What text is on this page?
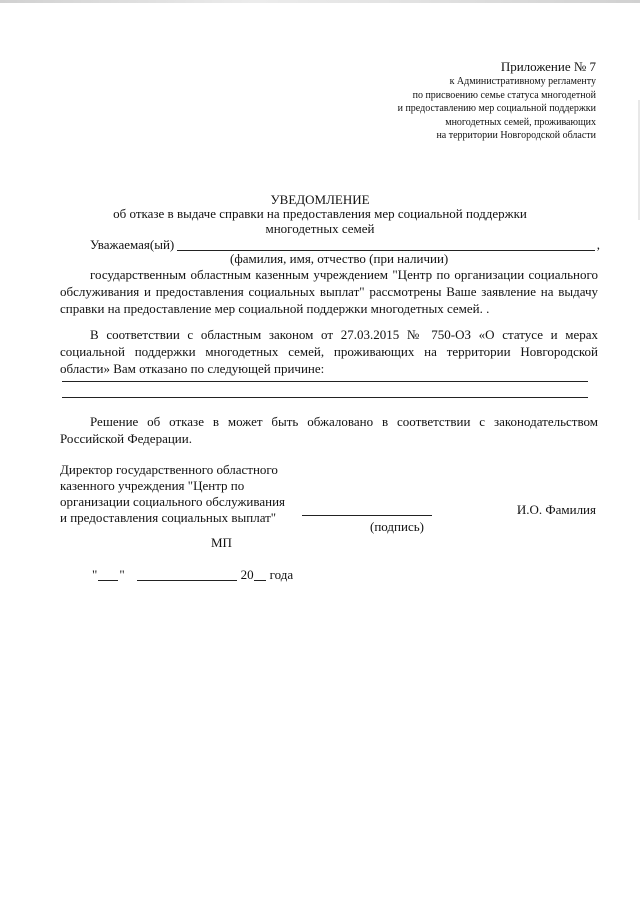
Приложение № 7
к Административному регламенту
по присвоению семье статуса многодетной
и предоставлению мер социальной поддержки
многодетных семей, проживающих
на территории Новгородской области
УВЕДОМЛЕНИЕ
об отказе в выдаче справки на предоставления мер социальной поддержки
многодетных семей
Уважаемая(ый)	,
(фамилия, имя, отчество (при наличии)
государственным областным казенным учреждением "Центр по организации социального обслуживания и предоставления социальных выплат" рассмотрены Ваше заявление на выдачу справки на предоставление мер социальной поддержки многодетных семей. .
В соответствии с областным законом от 27.03.2015 № 750-ОЗ «О статусе и мерах социальной поддержки многодетных семей, проживающих на территории Новгородской области» Вам отказано по следующей причине:
Решение об отказе в может быть обжаловано в соответствии с законодательством Российской Федерации.
Директор государственного областного
казенного учреждения "Центр по
организации социального обслуживания
и предоставления социальных выплат"
(подпись)
И.О. Фамилия
МП
" "	20 года
